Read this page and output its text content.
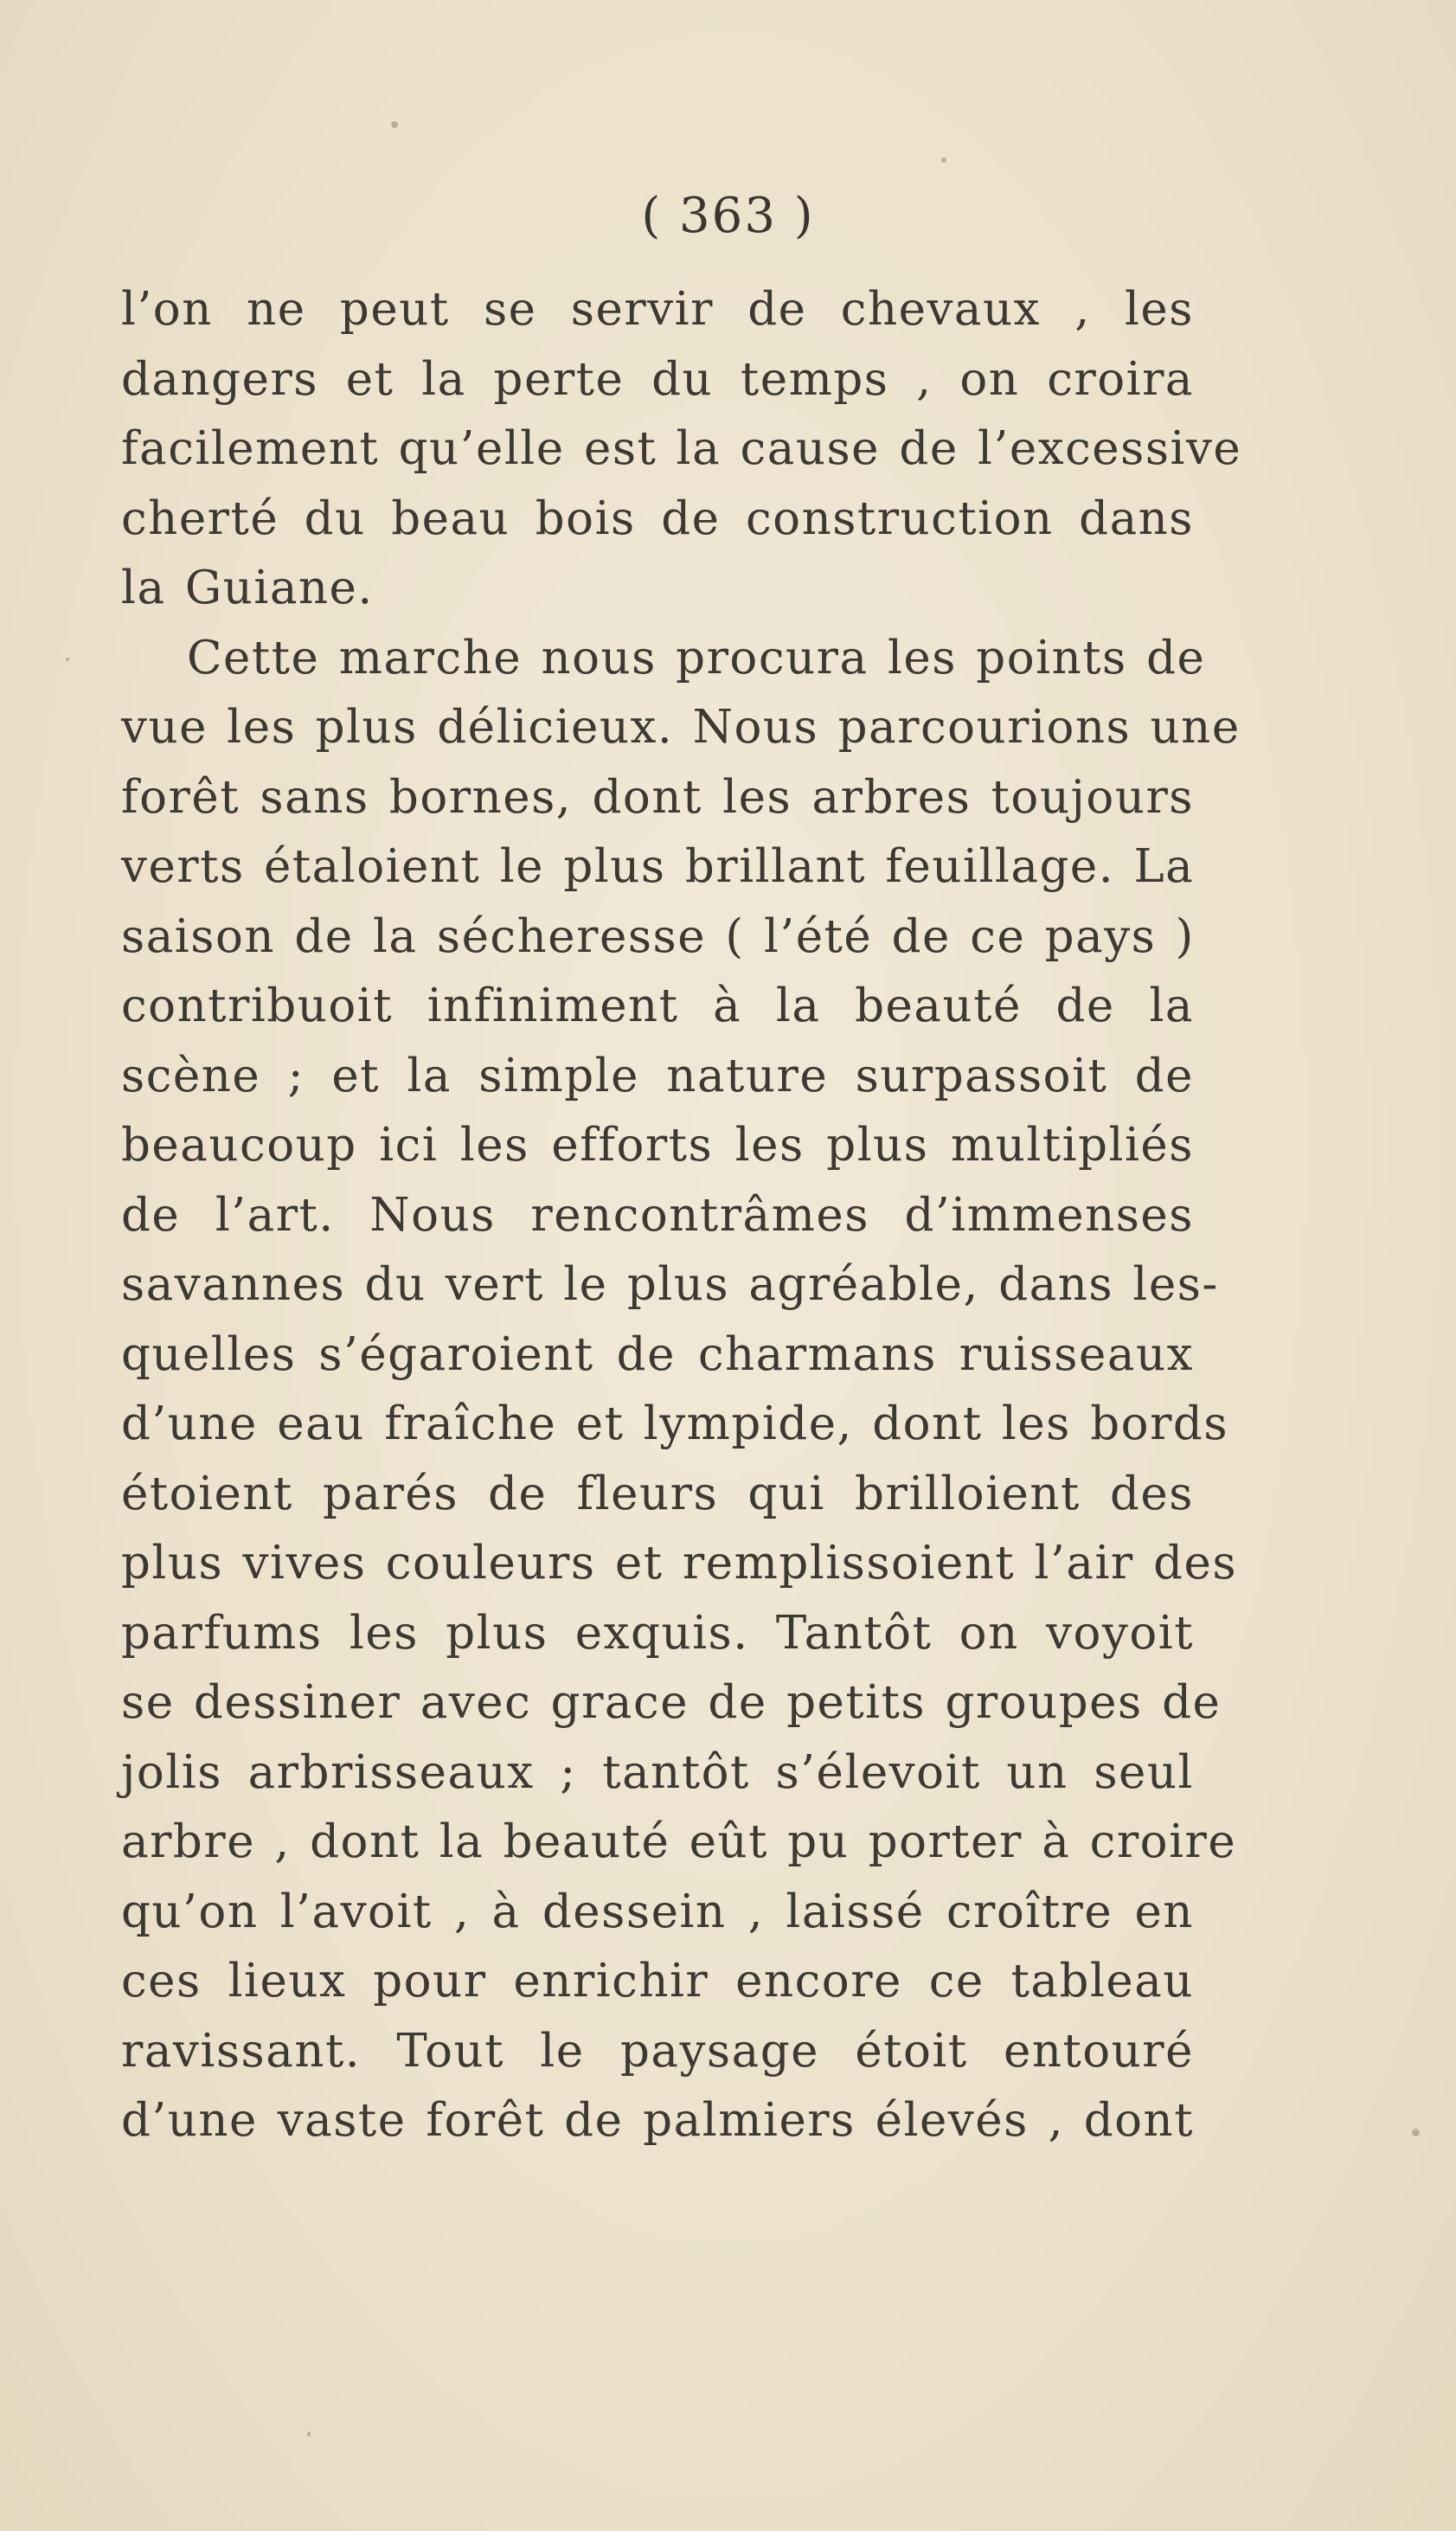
( 363 )
l’on ne peut se servir de chevaux , les
dangers et la perte du temps , on croira
facilement qu’elle est la cause de l’excessive
cherté du beau bois de construction dans
la Guiane.
Cette marche nous procura les points de
vue les plus délicieux. Nous parcourions une
forêt sans bornes, dont les arbres toujours
verts étaloient le plus brillant feuillage. La
saison de la sécheresse ( l’été de ce pays )
contribuoit infiniment à la beauté de la
scène ; et la simple nature surpassoit de
beaucoup ici les efforts les plus multipliés
de l’art. Nous rencontrâmes d’immenses
savannes du vert le plus agréable, dans les-
quelles s’égaroient de charmans ruisseaux
d’une eau fraîche et lympide, dont les bords
étoient parés de fleurs qui brilloient des
plus vives couleurs et remplissoient l’air des
parfums les plus exquis. Tantôt on voyoit
se dessiner avec grace de petits groupes de
jolis arbrisseaux ; tantôt s’élevoit un seul
arbre , dont la beauté eût pu porter à croire
qu’on l’avoit , à dessein , laissé croître en
ces lieux pour enrichir encore ce tableau
ravissant. Tout le paysage étoit entouré
d’une vaste forêt de palmiers élevés , dont
